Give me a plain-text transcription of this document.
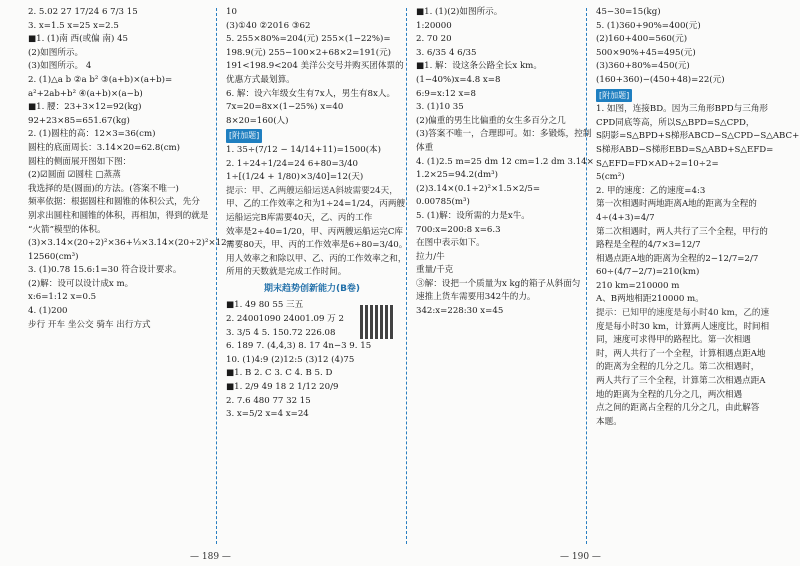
2. 5.02 27 17/24 6 7/3 15
3. x=1.5 x=25 x=2.5
■1. (1)南 西(或偏 南) 45
(2)如图所示。
(3)如图所示。 4
2. (1)△a b ②a b² ③(a+b)×(a+b)=
a²+2ab+b² ④(a+b)×(a−b)
■1. 腰：23+3×12=92(kg)
92+23×85=651.67(kg)
2. (1)圆柱的高：12×3=36(cm)
圆柱的底面周长：3.14×20=62.8(cm)
圆柱的侧面展开图如下图：
(2)☑圆面 ☑圆柱 □蒸蒸
我选择的是(圆面)的方法。(答案不唯一)
频率依据：根据圆柱和圆锥的体积公式，先分
别求出圆柱和圆锥的体积，再相加，得到的就是
“火箭”模型的体积。
(3)×3.14×(20÷2)²×36+⅓×3.14×(20÷2)²×12=
12560(cm³)
3. (1)0.78 15.6:1=30 符合设计要求。
(2)解：设可以设计成x m。
x:6=1:12 x=0.5
4. (1)200
步行 开车 坐公交 骑车 出行方式
10
(3)①40 ②2016 ③62
5. 255×80%=204(元) 255×(1−22%)=
198.9(元) 255−100×2+68×2=191(元)
191<198.9<204 美洋公交号并购买团体票的
优惠方式最划算。
6. 解：设六年级女生有7x人，男生有8x人。
7x=20=8x×(1−25%) x=40
8×20=160(人)
[附加题]
1. 35÷(7/12 − 14/14+11)=1500(本)
2. 1÷24÷1/24=24 6+80=3/40
1÷[(1/24 + 1/80)×3/40]=12(天)
提示：甲、乙两艘运船运送A斜坡需要24天，
甲、乙的工作效率之和为1÷24=1/24，丙两艘
运船运完B库需要40天，乙、丙的工作
效率是2÷40=1/20，甲、丙两艘运船运完C库
需要80天，甲、丙的工作效率是6÷80=3/40。
用人效率之和除以甲、乙、丙的工作效率之和，
所用的天数就是完成工作时间。
期末趋势创新能力(B卷)
■1. 49 80 55 三五
2. 24001090 24001.09 万 2
3. 3/5 4 5. 150.72 226.08
6. 189 7. (4,4,3) 8. 17 4n−3 9. 15
10. (1)4:9 (2)12:5 (3)12 (4)75
■1. B 2. C 3. C 4. B 5. D
■1. 2/9 49 18 2 1/12 20/9
2. 7.6 480 77 32 15
3. x=5/2 x=4 x=24
■1. (1)(2)如图所示。
1:20000
2. 70 20
3. 6/35 4 6/35
■1. 解：设这条公路全长x km。
(1−40%)x=4.8 x=8
6:9=x:12 x=8
3. (1)10 35
(2)偏重的男生比偏重的女生多百分之几
(3)答案不唯一，合理即可。如：多锻炼，控制
体重
4. (1)2.5 m=25 dm 12 cm=1.2 dm 3.14×
1.2×25=94.2(dm³)
(2)3.14×(0.1÷2)²×1.5×2/5=
0.00785(m³)
5. (1)解：设所需的力是x牛。
700:x=200:8 x=6.3
在图中表示如下。
拉力/牛
重量/千克
③解：设把一个质量为x kg的箱子从斜面匀
速推上货车需要用342牛的力。
342:x=228:30 x=45
45−30=15(kg)
5. (1)360+90%=400(元)
(2)160+400=560(元)
500×90%+45=495(元)
(3)360+80%=450(元)
(160+360)−(450+48)=22(元)
[附加题]
1. 如图，连接BD。因为三角形BPD与三角形
CPD同底等高，所以S△BPD=S△CPD，
S阴影=S△BPD+S梯形ABCD−S△CPD−S△ABC+
S梯形ABD−S梯形EBD=S△ABD+S△EFD=
S△EFD=FD×AD÷2=10÷2=
5(cm²)
2. 甲的速度：乙的速度=4:3
第一次相遇时两地距离A地的距离为全程的
4÷(4+3)=4/7
第二次相遇时，两人共行了三个全程，甲行的
路程是全程的4/7×3=12/7
相遇点距A地的距离为全程的2−12/7=2/7
60÷(4/7−2/7)=210(km)
210 km=210000 m
A、B两地相距210000 m。
提示：已知甲的速度是每小时40 km，乙的速
度是每小时30 km，计算两人速度比，时间相
同，速度可求得甲的路程比。第一次相遇
时，两人共行了一个全程，计算相遇点距A地
的距离为全程的几分之几。第二次相遇时，
两人共行了三个全程，计算第二次相遇点距A
地的距离为全程的几分之几，两次相遇
点之间的距离占全程的几分之几，由此解答
本题。
— 189 —	— 190 —
